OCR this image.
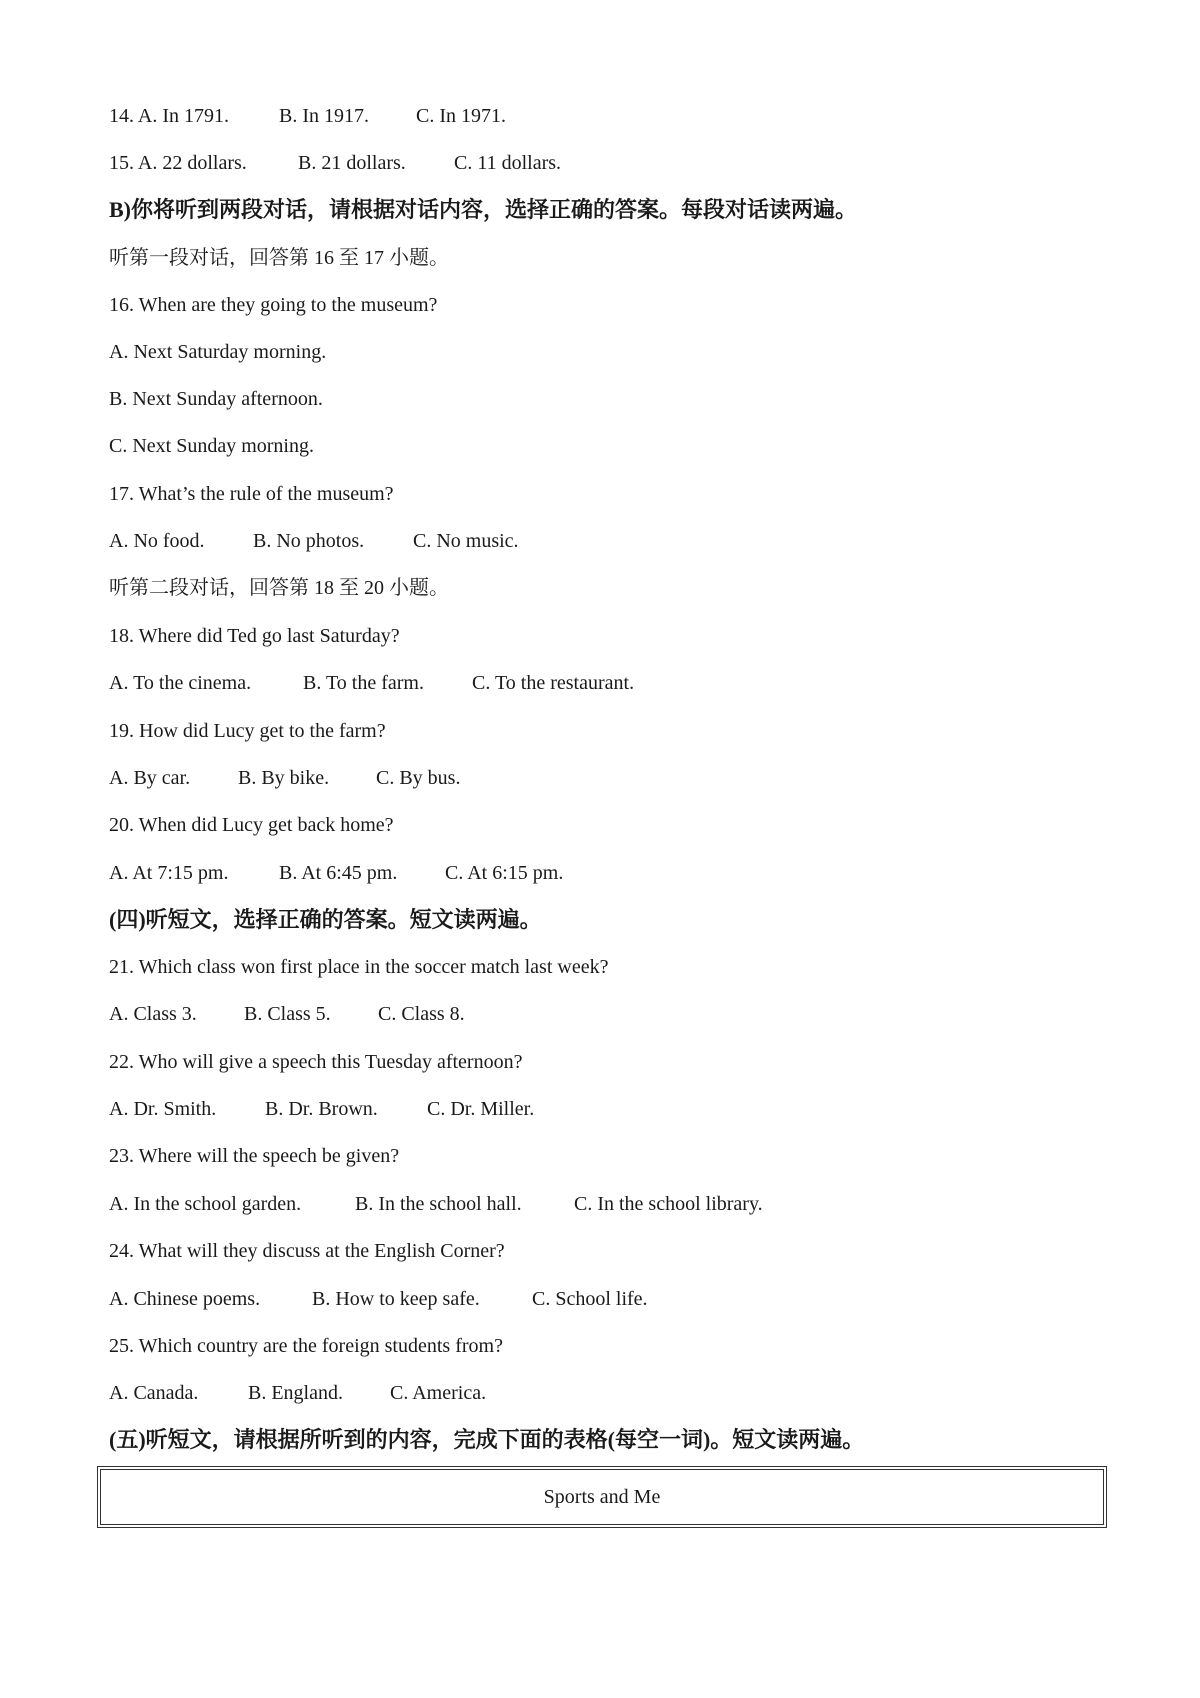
14. A. In 1791.	B. In 1917. C. In 1971.
15. A. 22 dollars.	B. 21 dollars. C. 11 dollars.
B)你将听到两段对话，请根据对话内容，选择正确的答案。每段对话读两遍。
听第一段对话，回答第 16 至 17 小题。
16. When are they going to the museum?
A. Next Saturday morning.
B. Next Sunday afternoon.
C. Next Sunday morning.
17. What’s the rule of the museum?
A. No food. B. No photos. C. No music.
听第二段对话，回答第 18 至 20 小题。
18. Where did Ted go last Saturday?
A. To the cinema.	B. To the farm. C. To the restaurant.
19. How did Lucy get to the farm?
A. By car. B. By bike. C. By bus.
20. When did Lucy get back home?
A. At 7:15 pm.	B. At 6:45 pm. C. At 6:15 pm.
(四)听短文，选择正确的答案。短文读两遍。
21. Which class won first place in the soccer match last week?
A. Class 3. B. Class 5. C. Class 8.
22. Who will give a speech this Tuesday afternoon?
A. Dr. Smith. B. Dr. Brown. C. Dr. Miller.
23. Where will the speech be given?
A. In the school garden.	B. In the school hall.	C. In the school library.
24. What will they discuss at the English Corner?
A. Chinese poems.	B. How to keep safe.	C. School life.
25. Which country are the foreign students from?
A. Canada. B. England. C. America.
(五)听短文，请根据所听到的内容，完成下面的表格(每空一词)。短文读两遍。
Sports and Me
